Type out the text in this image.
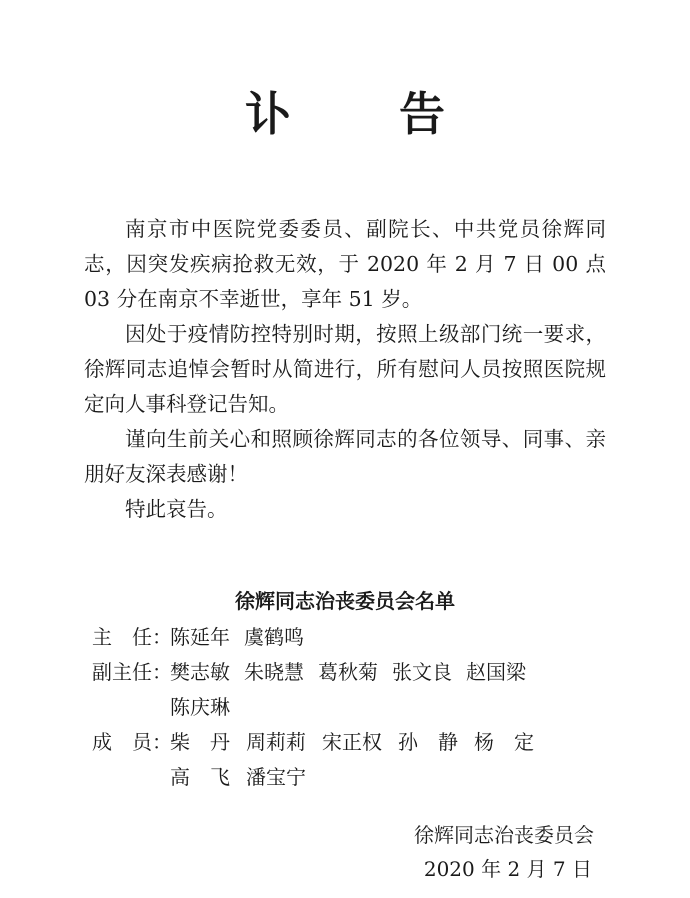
讣 告

南京市中医院党委委员、副院长、中共党员徐辉同志，因突发疾病抢救无效，于 2020 年 2 月 7 日 00 点 03 分在南京不幸逝世，享年 51 岁。

因处于疫情防控特别时期，按照上级部门统一要求，徐辉同志追悼会暂时从简进行，所有慰问人员按照医院规定向人事科登记告知。

谨向生前关心和照顾徐辉同志的各位领导、同事、亲朋好友深表感谢！

特此哀告。

徐辉同志治丧委员会名单
主　任：
陈延年 虞鹤鸣
副主任：
樊志敏 朱晓慧 葛秋菊 张文良 赵国梁
陈庆琳
成　员：
柴　丹 周莉莉 宋正权 孙　静 杨　定
高　飞 潘宝宁
徐辉同志治丧委员会
2020 年 2 月 7 日
